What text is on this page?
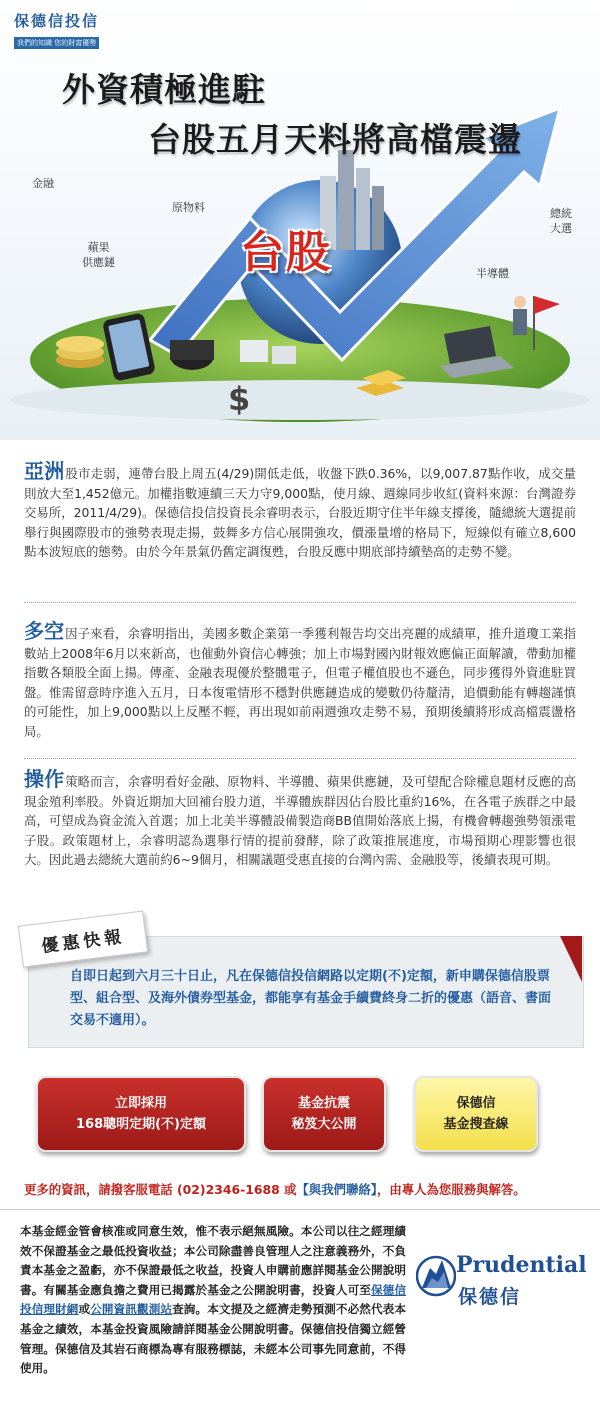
$
保德信投信
我們的知識 您的財富優勢
外資積極進駐
台股五月天料將高檔震盪
金融
原物料
蘋果
供應鏈
總統
大選
半導體
台股
亞洲股市走弱，連帶台股上周五(4/29)開低走低，收盤下跌0.36%，以9,007.87點作收，成交量則放大至1,452億元。加權指數連續三天力守9,000點，使月線、週線同步收紅(資料來源：台灣證券交易所，2011/4/29)。保德信投信投資長余睿明表示，台股近期守住半年線支撐後，隨總統大選提前舉行與國際股市的強勢表現走揚，鼓舞多方信心展開強攻，價漲量增的格局下，短線似有確立8,600點本波短底的態勢。由於今年景氣仍舊定調復甦，台股反應中期底部持續墊高的走勢不變。
多空因子來看，余睿明指出，美國多數企業第一季獲利報告均交出亮麗的成績單，推升道瓊工業指數站上2008年6月以來新高，也催動外資信心轉強；加上市場對國內財報效應偏正面解讀，帶動加權指數各類股全面上揚。傳產、金融表現優於整體電子，但電子權值股也不遜色，同步獲得外資進駐買盤。惟需留意時序進入五月，日本復電情形不穩對供應鏈造成的變數仍待釐清，追價動能有轉趨謹慎的可能性，加上9,000點以上反壓不輕，再出現如前兩週強攻走勢不易，預期後續將形成高檔震盪格局。
操作策略而言，余睿明看好金融、原物料、半導體、蘋果供應鏈，及可望配合除權息題材反應的高現金殖利率股。外資近期加大回補台股力道，半導體族群因佔台股比重約16%，在各電子族群之中最高，可望成為資金流入首選；加上北美半導體設備製造商BB值開始落底上揚，有機會轉趨強勢領漲電子股。政策題材上，余睿明認為選舉行情的提前發酵，除了政策推展進度，市場預期心理影響也很大。因此過去總統大選前約6~9個月，相關議題受惠直接的台灣內需、金融股等，後續表現可期。
優惠快報
自即日起到六月三十日止，凡在保德信投信網路以定期(不)定額，新申購保德信股票型、組合型、及海外債券型基金，都能享有基金手續費終身二折的優惠（語音、書面交易不適用）。
立即採用
168聰明定期(不)定額
基金抗震
秘笈大公開
保德信
基金搜查線
更多的資訊，請撥客服電話 (02)2346-1688 或【與我們聯絡】，由專人為您服務與解答。
本基金經金管會核准或同意生效，惟不表示絕無風險。本公司以往之經理績效不保證基金之最低投資收益；本公司除盡善良管理人之注意義務外，不負責本基金之盈虧，亦不保證最低之收益，投資人申購前應詳閱基金公開說明書。有關基金應負擔之費用已揭露於基金之公開說明書，投資人可至保德信投信理財網或公開資訊觀測站查詢。本文提及之經濟走勢預測不必然代表本基金之績效，本基金投資風險請詳閱基金公開說明書。保德信投信獨立經營管理。保德信及其岩石商標為專有服務標誌，未經本公司事先同意前，不得使用。
Prudential
保德信
